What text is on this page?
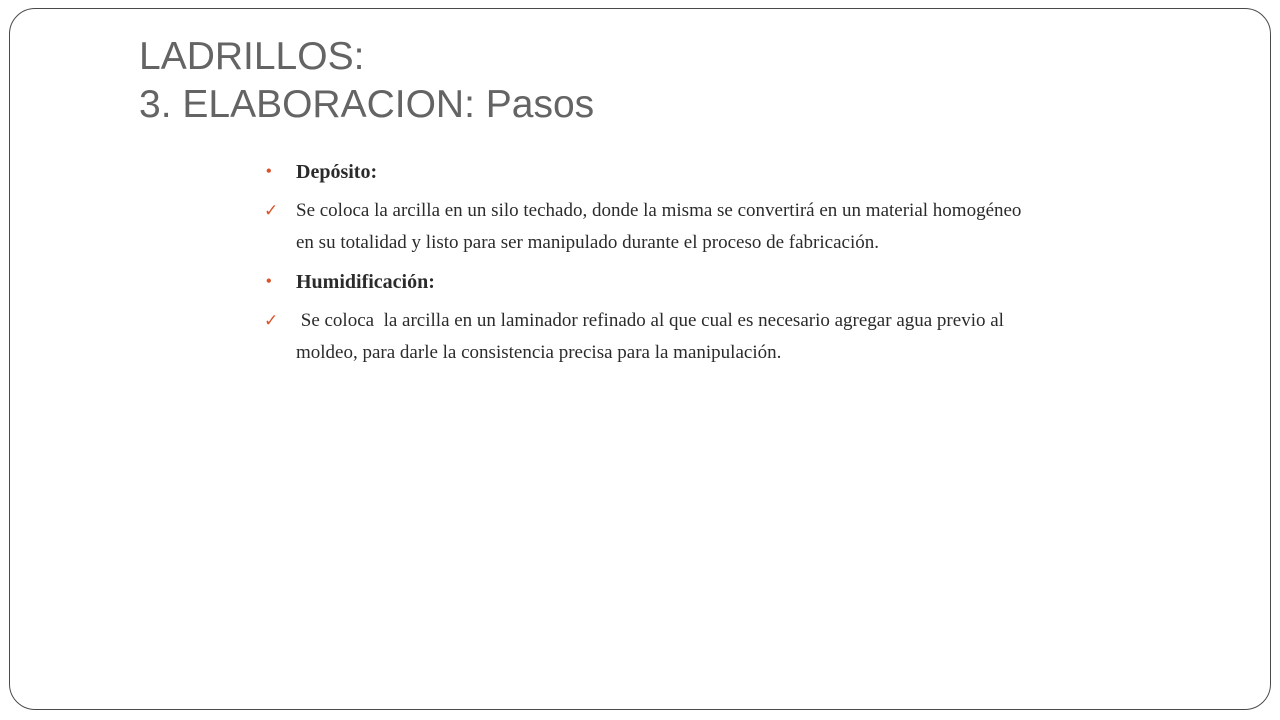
LADRILLOS:
3. ELABORACION: Pasos
• Depósito:
✓ Se coloca la arcilla en un silo techado, donde la misma se convertirá en un material homogéneo en su totalidad y listo para ser manipulado durante el proceso de fabricación.
• Humidificación:
✓ Se coloca  la arcilla en un laminador refinado al que cual es necesario agregar agua previo al moldeo, para darle la consistencia precisa para la manipulación.
